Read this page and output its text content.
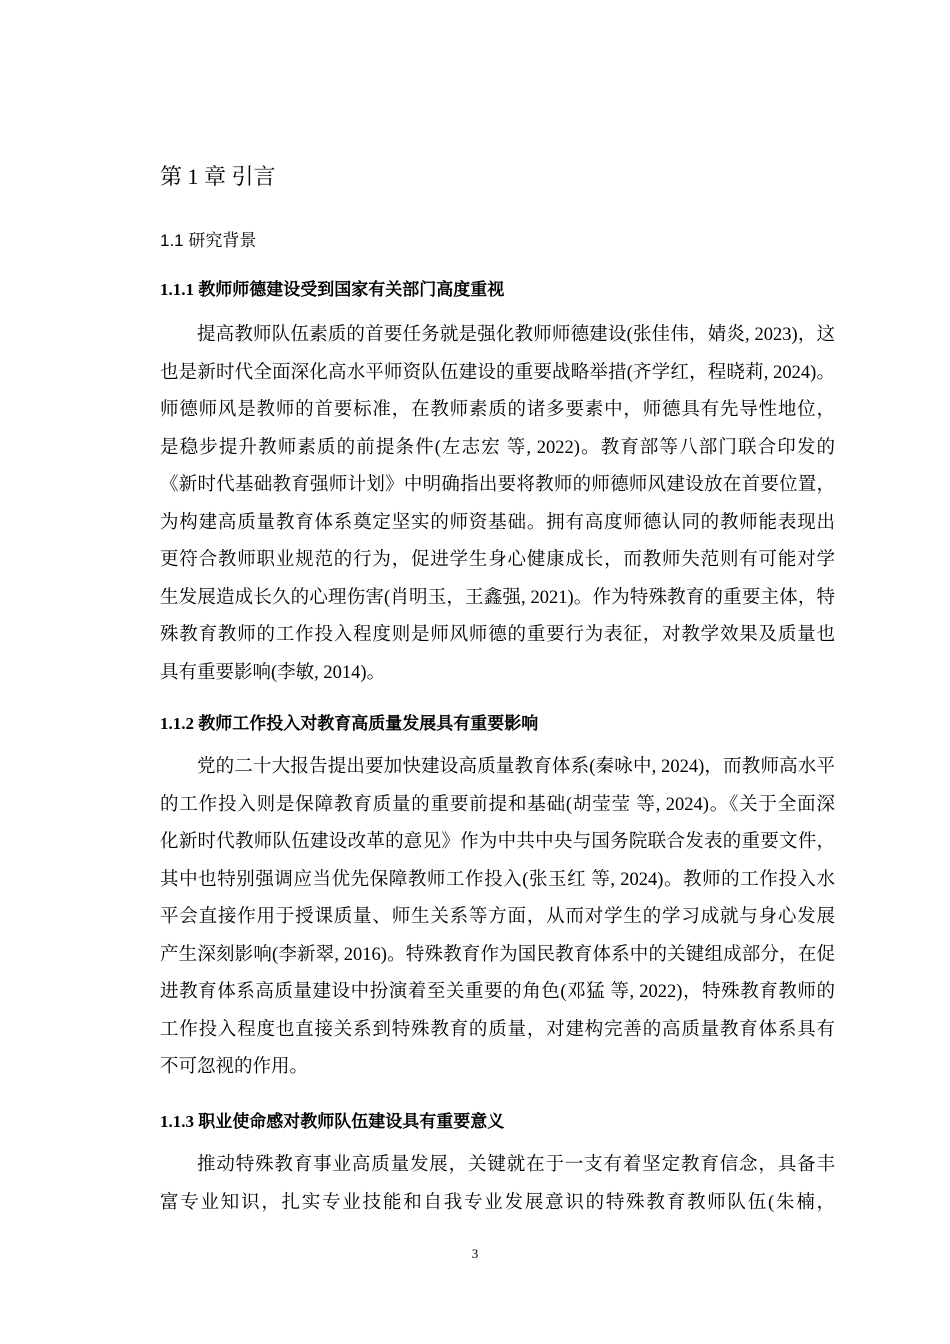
第 1 章 引言
1.1 研究背景
1.1.1 教师师德建设受到国家有关部门高度重视
提高教师队伍素质的首要任务就是强化教师师德建设(张佳伟，婧炎, 2023)，这
也是新时代全面深化高水平师资队伍建设的重要战略举措(齐学红，程晓莉, 2024)。
师德师风是教师的首要标准，在教师素质的诸多要素中，师德具有先导性地位，
是稳步提升教师素质的前提条件(左志宏 等, 2022)。教育部等八部门联合印发的
《新时代基础教育强师计划》中明确指出要将教师的师德师风建设放在首要位置，
为构建高质量教育体系奠定坚实的师资基础。拥有高度师德认同的教师能表现出
更符合教师职业规范的行为，促进学生身心健康成长，而教师失范则有可能对学
生发展造成长久的心理伤害(肖明玉，王鑫强, 2021)。作为特殊教育的重要主体，特
殊教育教师的工作投入程度则是师风师德的重要行为表征，对教学效果及质量也
具有重要影响(李敏, 2014)。
1.1.2 教师工作投入对教育高质量发展具有重要影响
党的二十大报告提出要加快建设高质量教育体系(秦咏中, 2024)，而教师高水平
的工作投入则是保障教育质量的重要前提和基础(胡莹莹 等, 2024)。《关于全面深
化新时代教师队伍建设改革的意见》作为中共中央与国务院联合发表的重要文件，
其中也特别强调应当优先保障教师工作投入(张玉红 等, 2024)。教师的工作投入水
平会直接作用于授课质量、师生关系等方面，从而对学生的学习成就与身心发展
产生深刻影响(李新翠, 2016)。特殊教育作为国民教育体系中的关键组成部分，在促
进教育体系高质量建设中扮演着至关重要的角色(邓猛 等, 2022)，特殊教育教师的
工作投入程度也直接关系到特殊教育的质量，对建构完善的高质量教育体系具有
不可忽视的作用。
1.1.3 职业使命感对教师队伍建设具有重要意义
推动特殊教育事业高质量发展，关键就在于一支有着坚定教育信念，具备丰
富专业知识，扎实专业技能和自我专业发展意识的特殊教育教师队伍(朱楠，
3
